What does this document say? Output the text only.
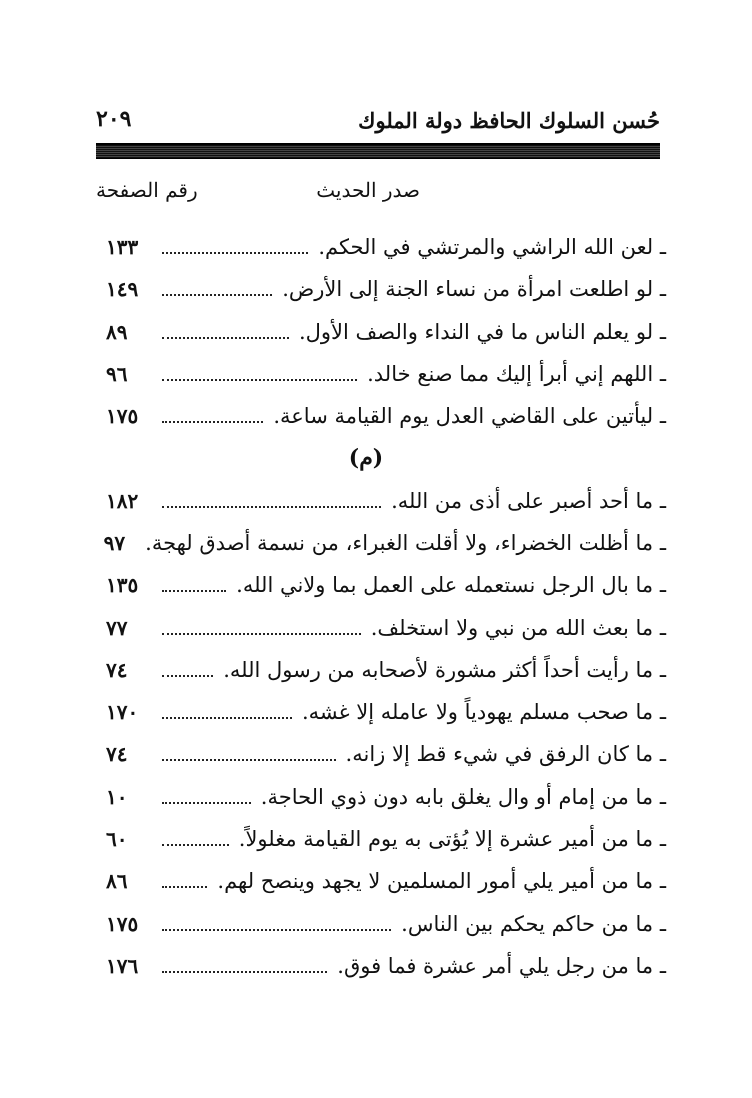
حُسن السلوك الحافظ دولة الملوك
٢٠٩
صدر الحديث
رقم الصفحة
ـ لعن الله الراشي والمرتشي في الحكم.
١٣٣
ـ لو اطلعت امرأة من نساء الجنة إلى الأرض.
١٤٩
ـ لو يعلم الناس ما في النداء والصف الأول.
٨٩
ـ اللهم إني أبرأ إليك مما صنع خالد.
٩٦
ـ ليأتين على القاضي العدل يوم القيامة ساعة.
١٧٥
(م)
ـ ما أحد أصبر على أذى من الله.
١٨٢
ـ ما أظلت الخضراء، ولا أقلت الغبراء، من نسمة أصدق لهجة.
٩٧
ـ ما بال الرجل نستعمله على العمل بما ولاني الله.
١٣٥
ـ ما بعث الله من نبي ولا استخلف.
٧٧
ـ ما رأيت أحداً أكثر مشورة لأصحابه من رسول الله.
٧٤
ـ ما صحب مسلم يهودياً ولا عامله إلا غشه.
١٧٠
ـ ما كان الرفق في شيء قط إلا زانه.
٧٤
ـ ما من إمام أو وال يغلق بابه دون ذوي الحاجة.
١٠
ـ ما من أمير عشرة إلا يُؤتى به يوم القيامة مغلولاً.
٦٠
ـ ما من أمير يلي أمور المسلمين لا يجهد وينصح لهم.
٨٦
ـ ما من حاكم يحكم بين الناس.
١٧٥
ـ ما من رجل يلي أمر عشرة فما فوق.
١٧٦
